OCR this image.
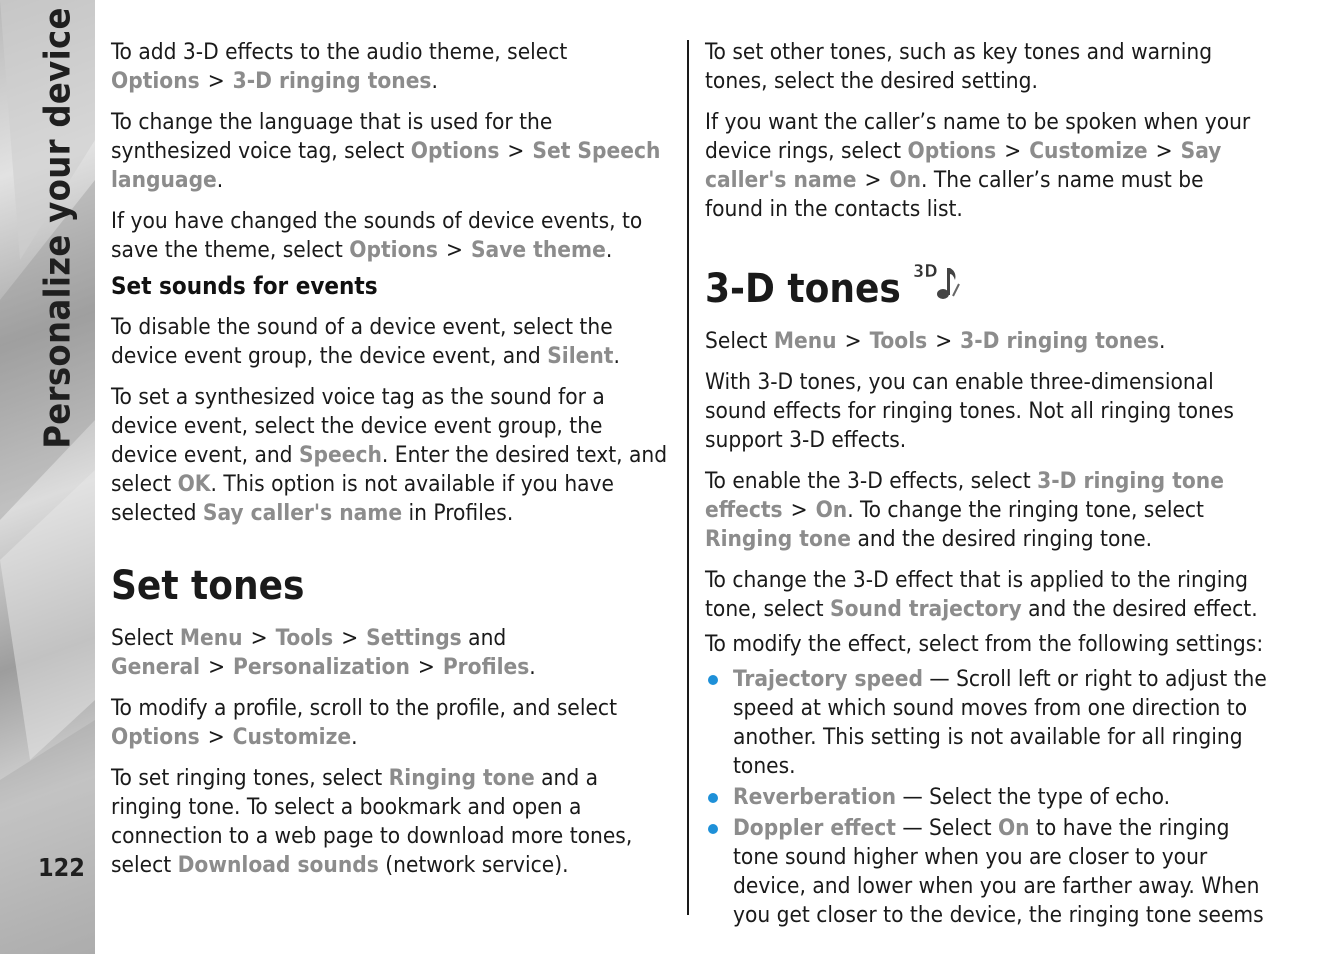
Personalize your device
122

To add 3-D effects to the audio theme, select Options > 3-D ringing tones.

To change the language that is used for the synthesized voice tag, select Options > Set Speech language.

If you have changed the sounds of device events, to save the theme, select Options > Save theme.

Set sounds for events

To disable the sound of a device event, select the device event group, the device event, and Silent.

To set a synthesized voice tag as the sound for a device event, select the device event group, the device event, and Speech. Enter the desired text, and select OK. This option is not available if you have selected Say caller's name in Profiles.

Set tones

Select Menu > Tools > Settings and General > Personalization > Profiles.

To modify a profile, scroll to the profile, and select Options > Customize.

To set ringing tones, select Ringing tone and a ringing tone. To select a bookmark and open a connection to a web page to download more tones, select Download sounds (network service).

To set other tones, such as key tones and warning tones, select the desired setting.

If you want the caller’s name to be spoken when your device rings, select Options > Customize > Say caller's name > On. The caller’s name must be found in the contacts list.

3-D tones 3D

Select Menu > Tools > 3-D ringing tones.

With 3-D tones, you can enable three-dimensional sound effects for ringing tones. Not all ringing tones support 3-D effects.

To enable the 3-D effects, select 3-D ringing tone effects > On. To change the ringing tone, select Ringing tone and the desired ringing tone.

To change the 3-D effect that is applied to the ringing tone, select Sound trajectory and the desired effect.

To modify the effect, select from the following settings:

Trajectory speed — Scroll left or right to adjust the speed at which sound moves from one direction to another. This setting is not available for all ringing tones.
Reverberation — Select the type of echo.
Doppler effect — Select On to have the ringing tone sound higher when you are closer to your device, and lower when you are farther away. When you get closer to the device, the ringing tone seems
